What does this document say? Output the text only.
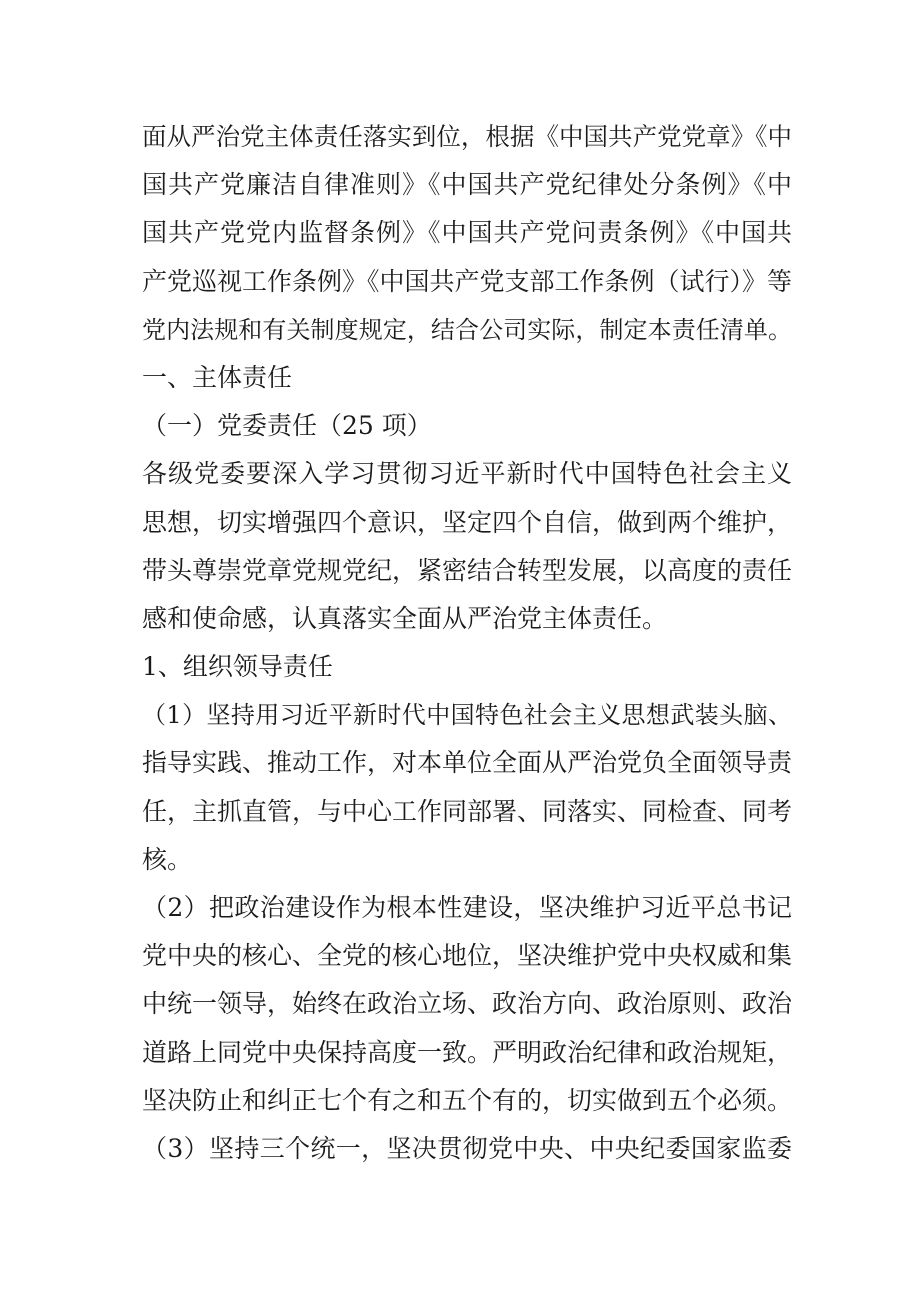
面从严治党主体责任落实到位，根据《中国共产党党章》《中
国共产党廉洁自律准则》《中国共产党纪律处分条例》《中
国共产党党内监督条例》《中国共产党问责条例》《中国共
产党巡视工作条例》《中国共产党支部工作条例（试行）》等
党内法规和有关制度规定，结合公司实际，制定本责任清单。
一、主体责任
（一）党委责任（25 项）
各级党委要深入学习贯彻习近平新时代中国特色社会主义
思想，切实增强四个意识，坚定四个自信，做到两个维护，
带头尊崇党章党规党纪，紧密结合转型发展，以高度的责任
感和使命感，认真落实全面从严治党主体责任。
1、组织领导责任
（1）坚持用习近平新时代中国特色社会主义思想武装头脑、
指导实践、推动工作，对本单位全面从严治党负全面领导责
任，主抓直管，与中心工作同部署、同落实、同检查、同考
核。
（2）把政治建设作为根本性建设，坚决维护习近平总书记
党中央的核心、全党的核心地位，坚决维护党中央权威和集
中统一领导，始终在政治立场、政治方向、政治原则、政治
道路上同党中央保持高度一致。严明政治纪律和政治规矩，
坚决防止和纠正七个有之和五个有的，切实做到五个必须。
（3）坚持三个统一，坚决贯彻党中央、中央纪委国家监委
